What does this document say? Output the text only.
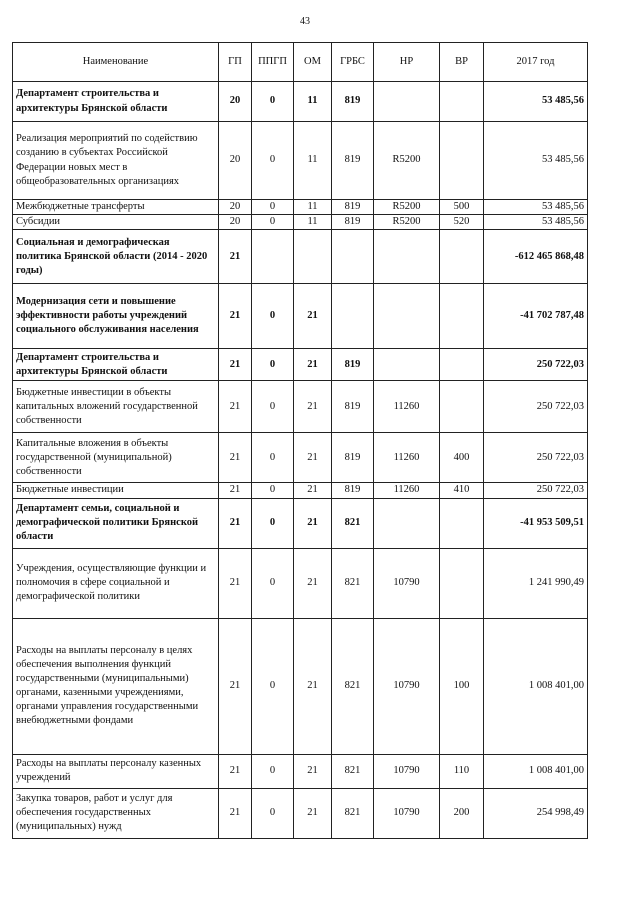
43
Наименование	ГП	ППГП	ОМ	ГРБС	НР	ВР	2017 год
Департамент строительства и архитектуры Брянской области	20	0	11	819			53 485,56
Реализация мероприятий по содействию созданию в субъектах Российской Федерации новых мест в общеобразовательных организациях	20	0	11	819	R5200		53 485,56
Межбюджетные трансферты	20	0	11	819	R5200	500	53 485,56
Субсидии	20	0	11	819	R5200	520	53 485,56
Социальная и демографическая политика Брянской области (2014 - 2020 годы)	21						-612 465 868,48
Модернизация сети и повышение эффективности работы учреждений социального обслуживания населения	21	0	21				-41 702 787,48
Департамент строительства и архитектуры Брянской области	21	0	21	819			250 722,03
Бюджетные инвестиции в объекты капитальных вложений государственной собственности	21	0	21	819	11260		250 722,03
Капитальные вложения в объекты государственной (муниципальной) собственности	21	0	21	819	11260	400	250 722,03
Бюджетные инвестиции	21	0	21	819	11260	410	250 722,03
Департамент семьи, социальной и демографической политики Брянской области	21	0	21	821			-41 953 509,51
Учреждения, осуществляющие функции и полномочия в сфере социальной и демографической политики	21	0	21	821	10790		1 241 990,49
Расходы на выплаты персоналу в целях обеспечения выполнения функций государственными (муниципальными) органами, казенными учреждениями, органами управления государственными внебюджетными фондами	21	0	21	821	10790	100	1 008 401,00
Расходы на выплаты персоналу казенных учреждений	21	0	21	821	10790	110	1 008 401,00
Закупка товаров, работ и услуг для обеспечения государственных (муниципальных) нужд	21	0	21	821	10790	200	254 998,49
